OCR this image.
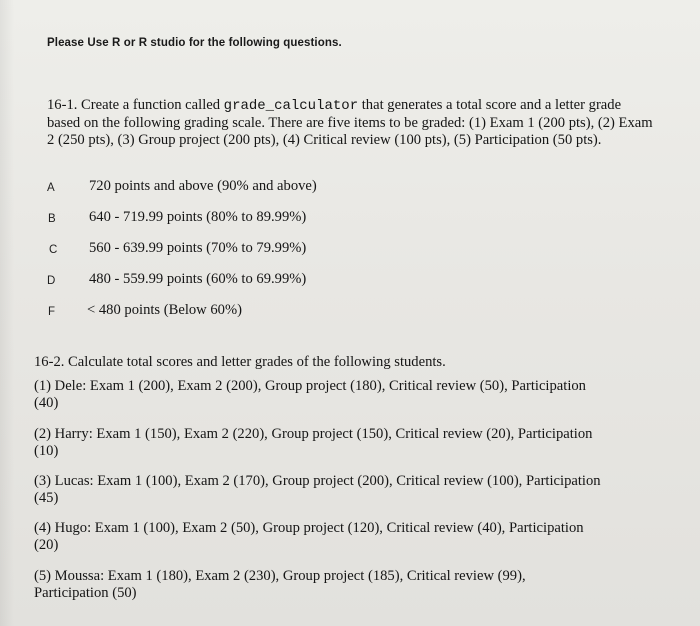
Please Use R or R studio for the following questions.
16-1. Create a function called grade_calculator that generates a total score and a letter grade based on the following grading scale. There are five items to be graded: (1) Exam 1 (200 pts), (2) Exam 2 (250 pts), (3) Group project (200 pts), (4) Critical review (100 pts), (5) Participation (50 pts).
A 720 points and above (90% and above)
B 640 - 719.99 points (80% to 89.99%)
C 560 - 639.99 points (70% to 79.99%)
D 480 - 559.99 points (60% to 69.99%)
F < 480 points (Below 60%)
16-2. Calculate total scores and letter grades of the following students.
(1) Dele: Exam 1 (200), Exam 2 (200), Group project (180), Critical review (50), Participation
(40)
(2) Harry: Exam 1 (150), Exam 2 (220), Group project (150), Critical review (20), Participation
(10)
(3) Lucas: Exam 1 (100), Exam 2 (170), Group project (200), Critical review (100), Participation
(45)
(4) Hugo: Exam 1 (100), Exam 2 (50), Group project (120), Critical review (40), Participation
(20)
(5) Moussa: Exam 1 (180), Exam 2 (230), Group project (185), Critical review (99),
Participation (50)
